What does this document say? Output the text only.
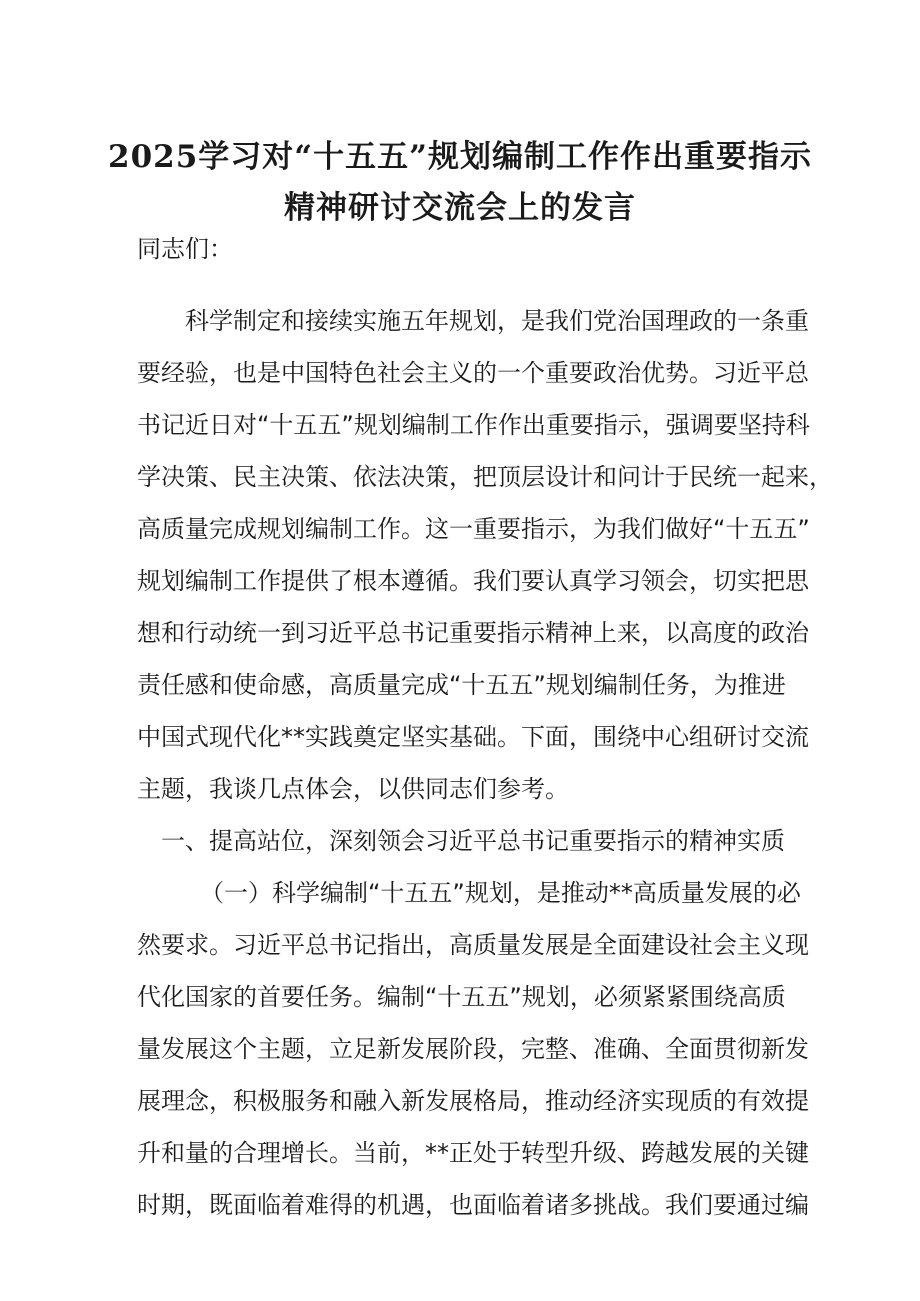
2025学习对“十五五”规划编制工作作出重要指示
精神研讨交流会上的发言
同志们：
科学制定和接续实施五年规划，是我们党治国理政的一条重
要经验，也是中国特色社会主义的一个重要政治优势。习近平总
书记近日对“十五五”规划编制工作作出重要指示，强调要坚持科
学决策、民主决策、依法决策，把顶层设计和问计于民统一起来，
高质量完成规划编制工作。这一重要指示，为我们做好“十五五”
规划编制工作提供了根本遵循。我们要认真学习领会，切实把思
想和行动统一到习近平总书记重要指示精神上来，以高度的政治
责任感和使命感，高质量完成“十五五”规划编制任务，为推进
中国式现代化**实践奠定坚实基础。下面，围绕中心组研讨交流
主题，我谈几点体会，以供同志们参考。
一、提高站位，深刻领会习近平总书记重要指示的精神实质
（一）科学编制“十五五”规划，是推动**高质量发展的必
然要求。习近平总书记指出，高质量发展是全面建设社会主义现
代化国家的首要任务。编制“十五五”规划，必须紧紧围绕高质
量发展这个主题，立足新发展阶段，完整、准确、全面贯彻新发
展理念，积极服务和融入新发展格局，推动经济实现质的有效提
升和量的合理增长。当前，**正处于转型升级、跨越发展的关键
时期，既面临着难得的机遇，也面临着诸多挑战。我们要通过编
